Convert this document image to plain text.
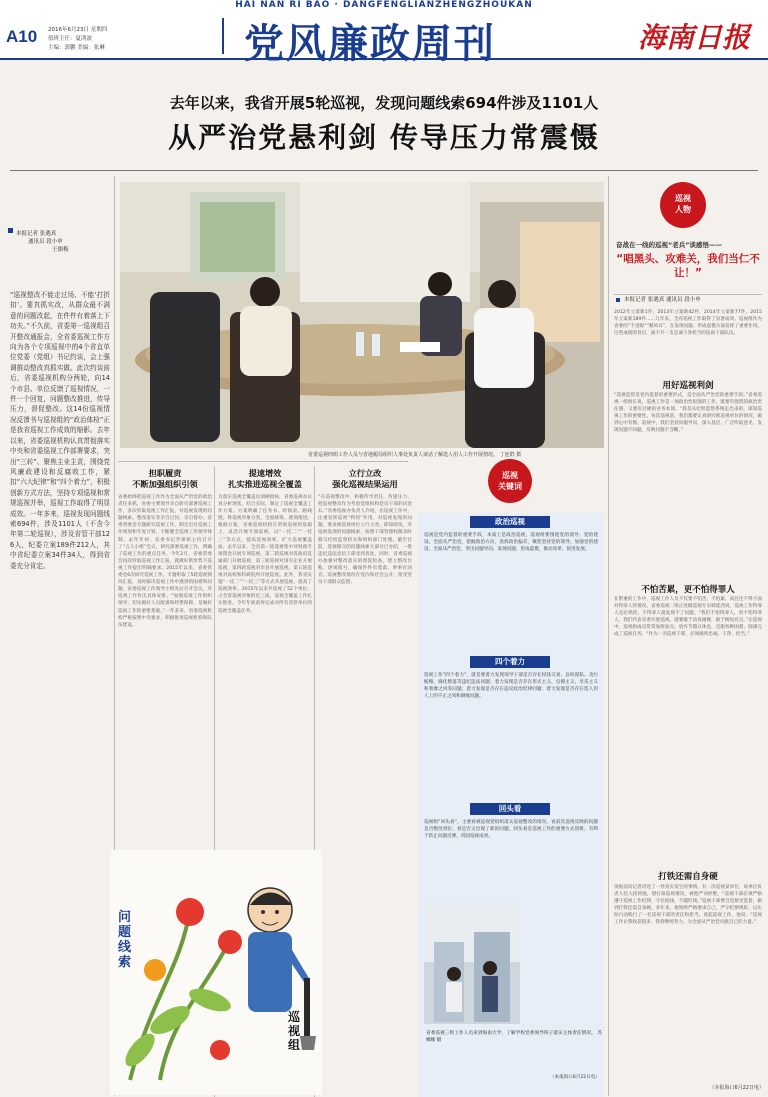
HAI NAN RI BAO · DANGFENGLIANZHENGZHOUKAN
A10 2016年6月23日 星期四
值班主任：夏鸿波
主编：郭鹏 美编：张琳	党风廉政周刊	海南日报
去年以来，我省开展5轮巡视，发现问题线索694件涉及1101人
从严治党悬利剑 传导压力常震慑
本报记者 张遇真
通讯员 段小申
王儒梅
“巡视整改不能走过场、不能‘打折扣’。要真抓实改，从群众最不满意的问题改起，在件件有着落上下功夫。”不久前，省委第一巡视组召开整改通报会，全省委巡视工作方向为各个专项巡视中的4个省直单位党委（党组）书记约谈，会上强调推动整改真抓实做。此次约谈前后，省委巡视机构分两轮，向14个市县、单位反馈了巡视情况，一件一个回复，问题整改推进，传导压力，督促整改。这14份巡视情况反馈书与巡视组的“政治体检”正是我省巡视工作成效的缩影。去年以来，省委巡视机构认真贯彻落实中央和省委巡视工作部署要求，突出“三转”、聚焦主业主责，围绕党风廉政建设和反腐败工作，紧扣“六大纪律”和“四个着力”，积极创新方式方法，坚持专项巡视和常规巡视并举，巡视工作取得了明显成效。一年多来，巡视发现问题线索694件，涉及1101人（不含今年第二轮巡视），涉及省管干部126人，纪委立案189件212人，其中省纪委立案34件34人，得到省委充分肯定。
省委巡视四组工作人员与省地税局组织人事处负责人谈话了解选人用人工作开展情况。 丁连群 摄
担职履责
不断加强组织引领
省委始终把巡视工作作为全面从严治党的政治责任来抓，省委主要领导亲自研究部署巡视工作，多次听取巡视工作汇报，对巡视发现的问题线索、整改落实等亲自过问、亲自督办。省委常委会专题研究巡视工作，制定出台巡视工作规划和年度计划，不断健全巡视工作领导体制。去年年初，省委书记罗保铭主持召开了“五人小组”会议，研究部署巡视工作，明确了巡视工作的重点任务。今年2月，省委常委会再次听取巡视工作汇报，就做好新形势下巡视工作提出明确要求。2015年以来，省委常委会6次研究巡视工作，专题听取了5轮巡视情况汇报，及时解决巡视工作中遇到的困难和问题。省委巡视工作领导小组先后召开会议，对巡视工作作出具体安排。“加强巡视工作组织领导，切实做好人员配备和经费保障，是做好巡视工作的重要基础。”一年多来，省委巡视机构严格按照中央要求，积极推进巡视机构和队伍建设。
提速增效
扎实推进巡视全覆盖
为落实巡视全覆盖这项硬指标，省委巡视办认真分析现状，结合实际，制定了巡视全覆盖工作方案。方案明确了任务书、时间表、路线图，将巡视对象分类，全面统筹、逐项推进。根据方案，省委巡视机构在常规巡视的基础上，灵活开展专项巡视，以“一托二”“一托三”等方式，提高巡视效率，扩大巡视覆盖面。去年以来，全省第一轮巡视集中对财政专项资金开展专项巡视，第二轮巡视对省政府直属部门开展巡视，第三轮巡视对国有企业开展巡视，第四轮巡视对市县开展巡视，第五轮巡视对高校和科研院所开展巡视。此外，我省实施“一托二”“一托三”等方式开展巡视，提高了巡视效率。2015年以来共巡视了52个单位，占全省巡视对象的近三成，巡视全覆盖工作扎实推进。今年年底前将完成对所有省管单位的巡视全覆盖任务。
立行立改
强化巡视结果运用
“在巡视整改中，积极传导责任，传递压力，把巡视整改作为考验党组织和党员干部的试金石。”省委巡视办负责人介绍，在巡视工作中，注重发挥巡视“利剑”作用，对巡视发现的问题，要求被巡视单位立行立改、即知即改。对巡视发现的问题线索，按照干部管理权限及时移交纪检监察机关和组织部门处理。截至目前，巡视移交的问题线索大部分已办结，一批违纪违法党员干部受到查处。同时，省委巡视办加强对整改落实的督促检查，建立整改台账，逐项销号，确保件件有着落、事事有回音。巡视整改情况在党内和社会公开，接受党员干部群众监督。
问题线索
巡视组
巡视
关键词
政治巡视
巡视是党内监督的重要手段，本质上是政治巡视，巡视组要围绕党的领导、党的建设、全面从严治党，把握政治方向，查找政治偏差，聚焦坚持党的领导，加强党的建设，全面从严治党，突出问题导向，发现问题、形成震慑，推动改革、促进发展。
四个着力
巡视工作“四个着力”，就是要着力发现领导干部是否存在权钱交易、以权谋私、贪污贿赂、腐化堕落等违纪违法问题；着力发现是否存在形式主义、官僚主义、享乐主义和奢靡之风等问题；着力发现是否存在违反政治纪律问题；着力发现是否存在选人用人上的不正之风和腐败问题。
回头看
巡视组“回头看”，主要看被巡视党组织落实巡视整改的情况、看前次巡视反映的问题是否整改到位、看是否又出现了新的问题。回头看是巡视工作的重要方式创新，有利于防止问题反弹，巩固巡视成果。
省委巡视三组工作人员来到海南大学，了解学校党委领导班子落实主体责任情况。 苏娜娜 摄
（本报海口6月22日电）
巡视
人物
奋战在一线的巡视“老兵”谈感悟——
“唱黑头、攻难关，我们当仁不让！”
本报记者 张遇真 通讯员 段小申
2012年立案新1件，2013年立案新42件，2014年立案新77件，2015年立案新189件……几年来，全省巡视工作取得了显著成效。巡视组作为省委的“千里眼”“顺风耳”，在发现问题、形成震慑方面发挥了重要作用。这些成绩的背后，离不开一支忠诚干净担当的巡视干部队伍。
用好巡视利剑
“巡视监督是党内监督的重要形式，是全面从严治党的重要手段。”省委巡视一组组长说，巡视工作是一项政治性很强的工作，既要有强烈的政治责任感，又要有过硬的业务本领。“我是从纪检监察系统走出来的，深知巡视工作的重要性。每次巡视前，我们都要认真研究被巡视单位的情况，做到心中有数。巡视中，我们坚持问题导向，深入基层，广泛听取意见，发现问题不回避，反映问题不含糊。”
不怕苦累，更不怕得罪人
在繁重的工作中，巡视工作人员不仅要不怕苦、不怕累，而且还不得不面对得罪人的情况。省委巡视二组正处级巡视专员韩延西说，巡视工作得罪人是必然的，不得罪人就发现不了问题。“我们不怕得罪人，更不怕得罪人。我们代表省委开展巡视，就要敢于动真碰硬，敢于揭短亮丑。”在巡视中，巡视组成员常常加班加点，放弃节假日休息，克服各种困难，圆满完成了巡视任务。“作为一名巡视干部，必须做到忠诚、干净、担当。”
打铁还需自身硬
余振南向记者讲述了一件真实发生的事情。有一次巡视某单位，该单位负责人托人找到他，想打探巡视情况，被他严词拒绝。“巡视干部必须严格遵守巡视工作纪律，守住底线，不越红线。”巡视干部要自觉接受监督，做到打铁还需自身硬。多年来，他始终严格要求自己，严守纪律规矩，以实际行动践行了一名巡视干部的责任和担当。谈起巡视工作，他说：“巡视工作让我收获很多，我将继续努力，为全面从严治党贡献自己的力量。”
（本报海口6月22日电）
